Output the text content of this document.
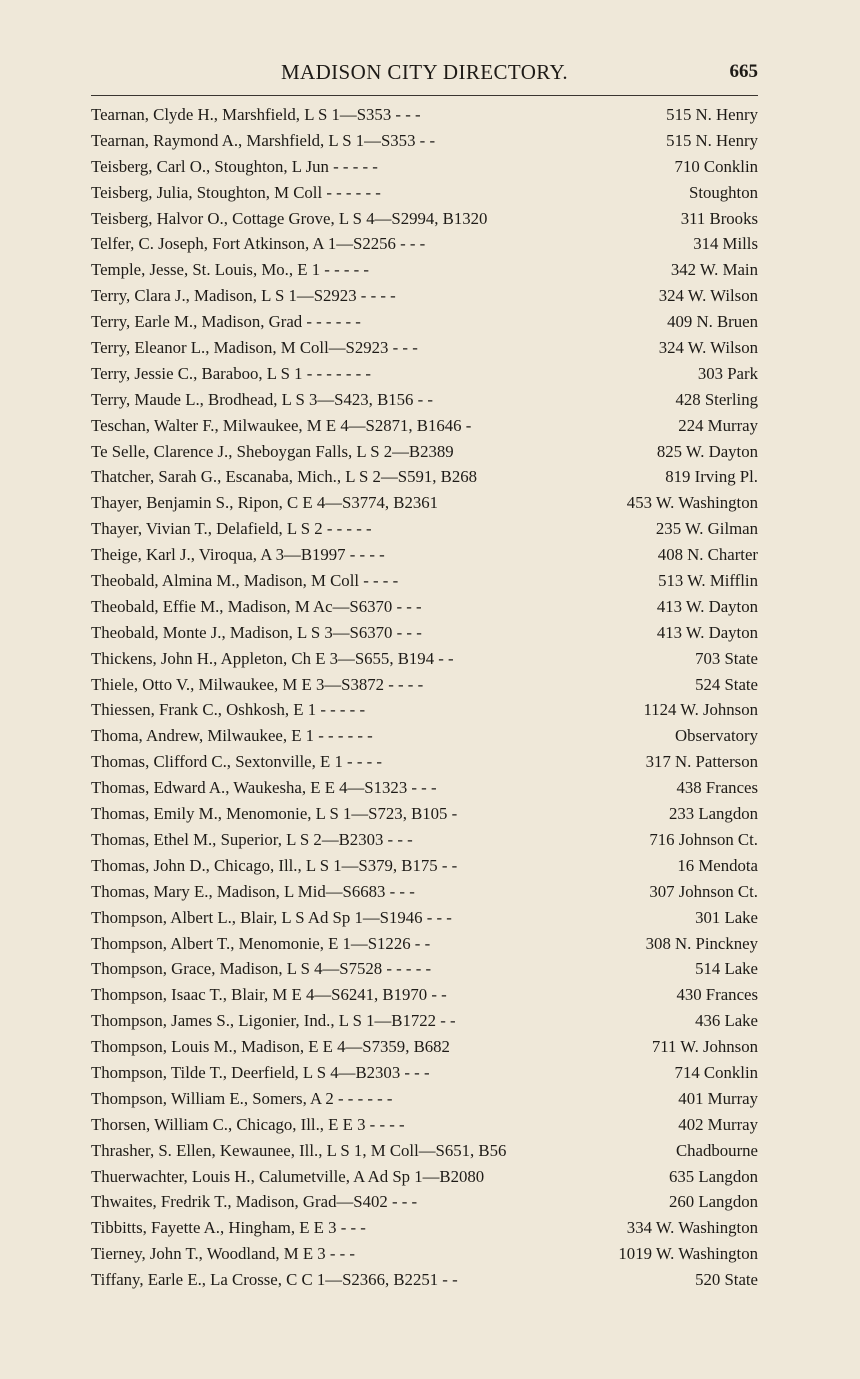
MADISON CITY DIRECTORY.	665
Tearnan, Clyde H., Marshfield, L S 1—S353 - - -	515 N. Henry
Tearnan, Raymond A., Marshfield, L S 1—S353 - -	515 N. Henry
Teisberg, Carl O., Stoughton, L Jun - - - - -	710 Conklin
Teisberg, Julia, Stoughton, M Coll - - - - - -	Stoughton
Teisberg, Halvor O., Cottage Grove, L S 4—S2994, B1320	311 Brooks
Telfer, C. Joseph, Fort Atkinson, A 1—S2256 - - -	314 Mills
Temple, Jesse, St. Louis, Mo., E 1 - - - - -	342 W. Main
Terry, Clara J., Madison, L S 1—S2923 - - - -	324 W. Wilson
Terry, Earle M., Madison, Grad - - - - - -	409 N. Bruen
Terry, Eleanor L., Madison, M Coll—S2923 - - -	324 W. Wilson
Terry, Jessie C., Baraboo, L S 1 - - - - - - -	303 Park
Terry, Maude L., Brodhead, L S 3—S423, B156 - -	428 Sterling
Teschan, Walter F., Milwaukee, M E 4—S2871, B1646 -	224 Murray
Te Selle, Clarence J., Sheboygan Falls, L S 2—B2389	825 W. Dayton
Thatcher, Sarah G., Escanaba, Mich., L S 2—S591, B268	819 Irving Pl.
Thayer, Benjamin S., Ripon, C E 4—S3774, B2361	453 W. Washington
Thayer, Vivian T., Delafield, L S 2 - - - - -	235 W. Gilman
Theige, Karl J., Viroqua, A 3—B1997 - - - -	408 N. Charter
Theobald, Almina M., Madison, M Coll - - - -	513 W. Mifflin
Theobald, Effie M., Madison, M Ac—S6370 - - -	413 W. Dayton
Theobald, Monte J., Madison, L S 3—S6370 - - -	413 W. Dayton
Thickens, John H., Appleton, Ch E 3—S655, B194 - -	703 State
Thiele, Otto V., Milwaukee, M E 3—S3872 - - - -	524 State
Thiessen, Frank C., Oshkosh, E 1 - - - - -	1124 W. Johnson
Thoma, Andrew, Milwaukee, E 1 - - - - - -	Observatory
Thomas, Clifford C., Sextonville, E 1 - - - -	317 N. Patterson
Thomas, Edward A., Waukesha, E E 4—S1323 - - -	438 Frances
Thomas, Emily M., Menomonie, L S 1—S723, B105 -	233 Langdon
Thomas, Ethel M., Superior, L S 2—B2303 - - -	716 Johnson Ct.
Thomas, John D., Chicago, Ill., L S 1—S379, B175 - -	16 Mendota
Thomas, Mary E., Madison, L Mid—S6683 - - -	307 Johnson Ct.
Thompson, Albert L., Blair, L S Ad Sp 1—S1946 - - -	301 Lake
Thompson, Albert T., Menomonie, E 1—S1226 - -	308 N. Pinckney
Thompson, Grace, Madison, L S 4—S7528 - - - - -	514 Lake
Thompson, Isaac T., Blair, M E 4—S6241, B1970 - -	430 Frances
Thompson, James S., Ligonier, Ind., L S 1—B1722 - -	436 Lake
Thompson, Louis M., Madison, E E 4—S7359, B682	711 W. Johnson
Thompson, Tilde T., Deerfield, L S 4—B2303 - - -	714 Conklin
Thompson, William E., Somers, A 2 - - - - - -	401 Murray
Thorsen, William C., Chicago, Ill., E E 3 - - - -	402 Murray
Thrasher, S. Ellen, Kewaunee, Ill., L S 1, M Coll—S651, B56	Chadbourne
Thuerwachter, Louis H., Calumetville, A Ad Sp 1—B2080	635 Langdon
Thwaites, Fredrik T., Madison, Grad—S402 - - -	260 Langdon
Tibbitts, Fayette A., Hingham, E E 3 - - -	334 W. Washington
Tierney, John T., Woodland, M E 3 - - -	1019 W. Washington
Tiffany, Earle E., La Crosse, C C 1—S2366, B2251 - -	520 State
